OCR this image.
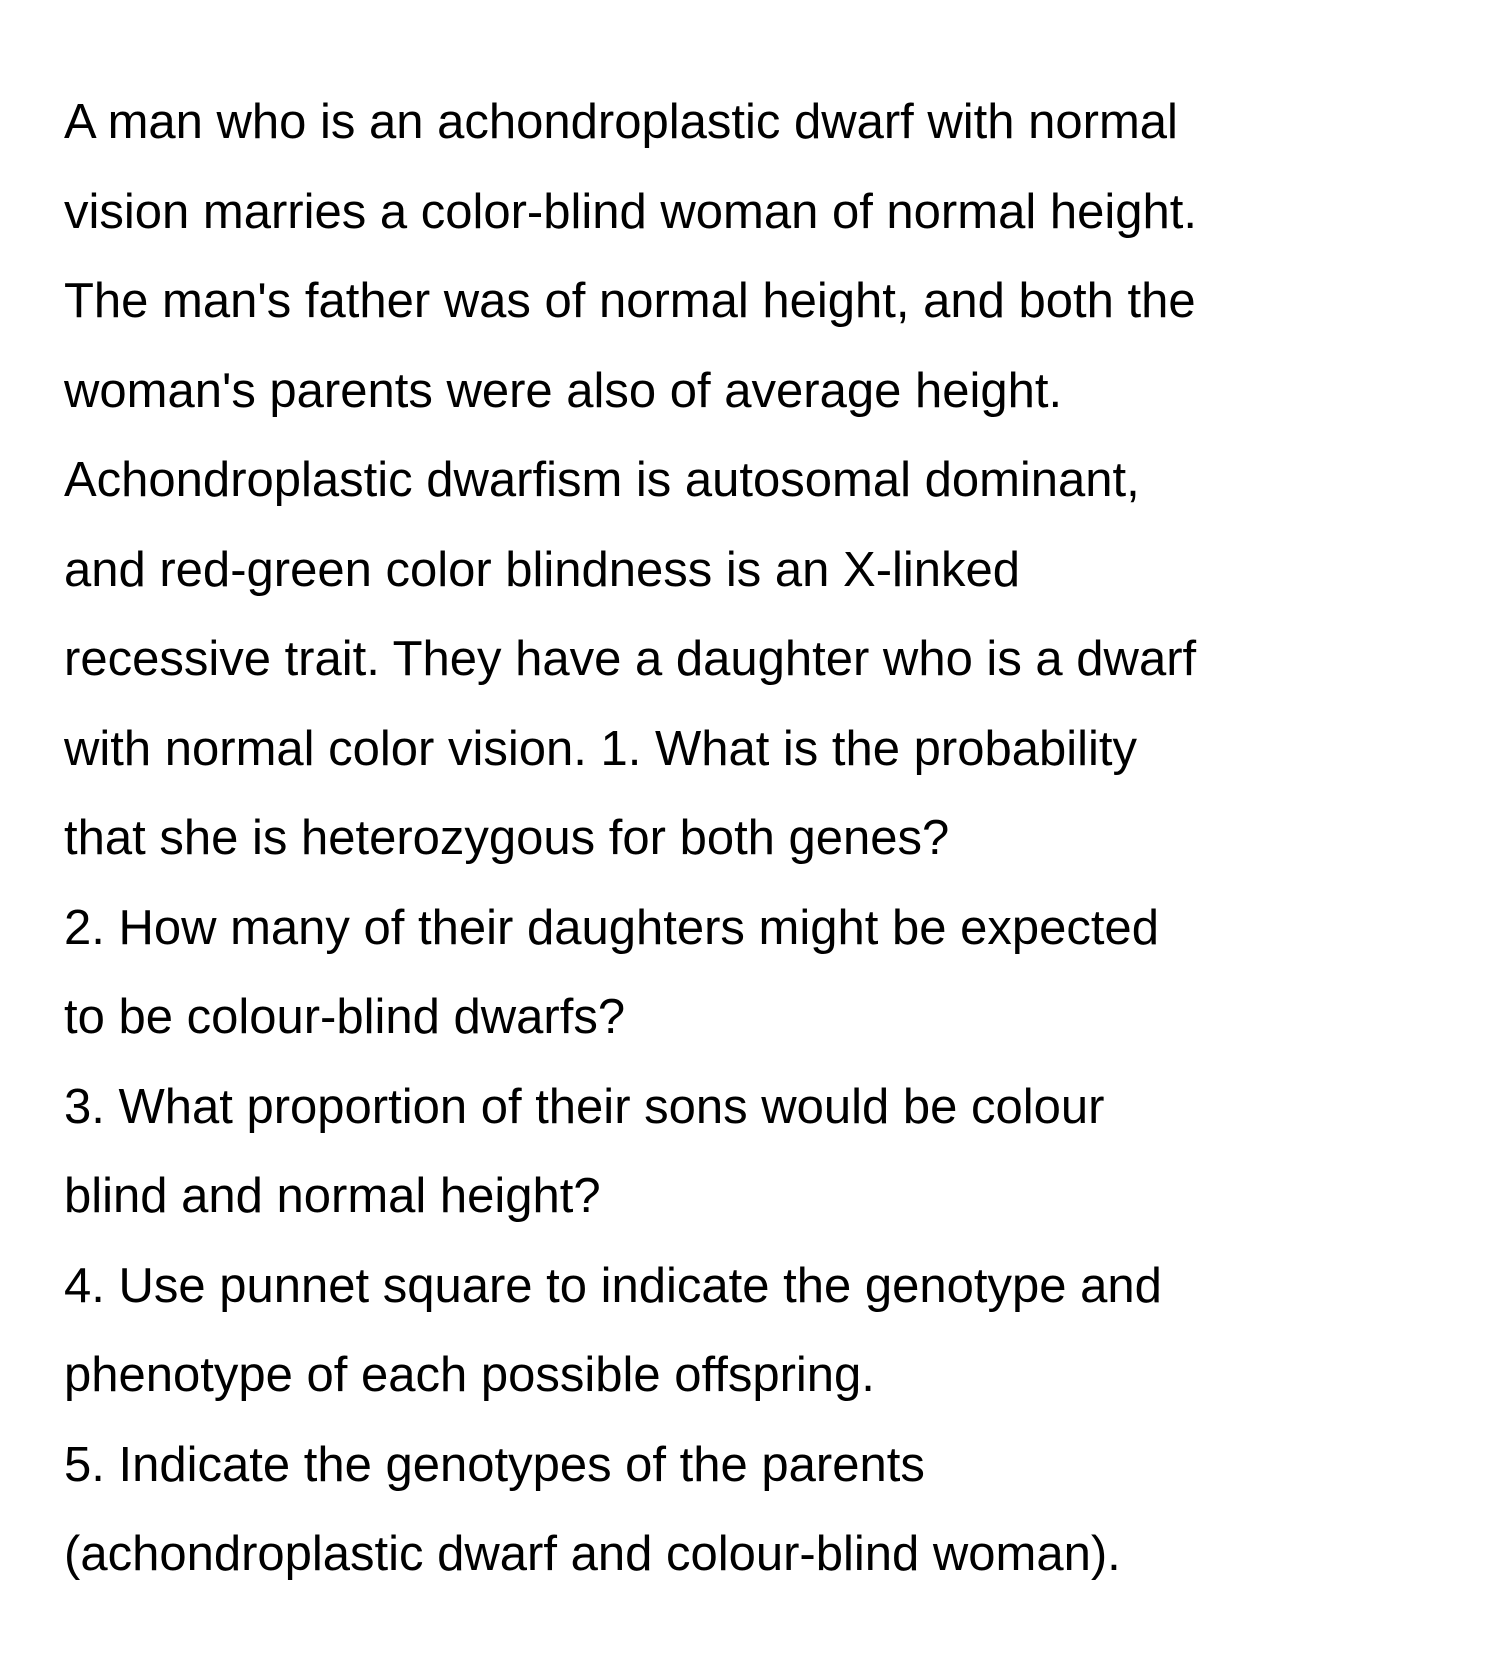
A man who is an achondroplastic dwarf with normal
vision marries a color-blind woman of normal height.
The man's father was of normal height, and both the
woman's parents were also of average height.
Achondroplastic dwarfism is autosomal dominant,
and red-green color blindness is an X-linked
recessive trait. They have a daughter who is a dwarf
with normal color vision. 1. What is the probability
that she is heterozygous for both genes?
2. How many of their daughters might be expected
to be colour-blind dwarfs?
3. What proportion of their sons would be colour
blind and normal height?
4. Use punnet square to indicate the genotype and
phenotype of each possible offspring.
5. Indicate the genotypes of the parents
(achondroplastic dwarf and colour-blind woman).
